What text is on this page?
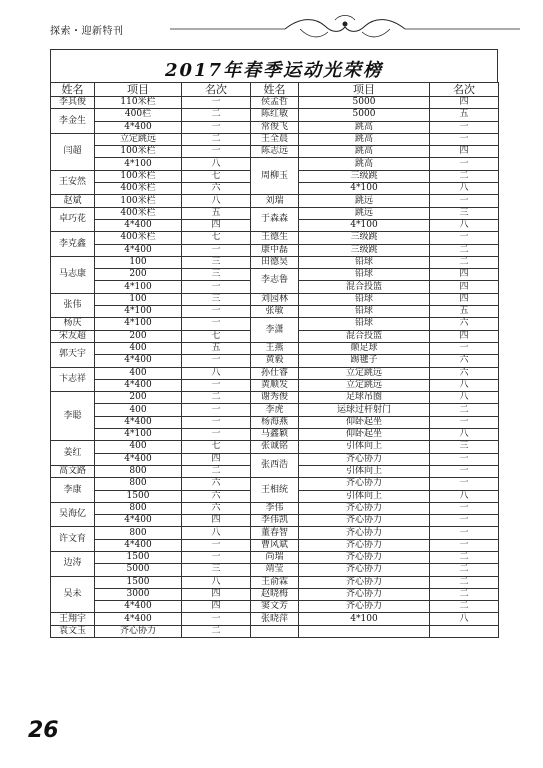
探索・迎新特刊
2017年春季运动光荣榜
姓名	项目	名次	姓名	项目	名次
李其俊	110米栏	一	侯孟哲	5000	四
李金生	400栏	二	陈红敏	5000	五
	4*400	一	常俊飞	跳高	一
闫超	立定跳远	二	王全晨	跳高	一
	100米栏	一	陈志远	跳高	四
	4*100	八	周柳玉	跳高	一
王安然	100米栏	七		三级跳	二
	400米栏	六		4*100	八
赵斌	100米栏	八	刘瑞	跳远	一
卓巧花	400米栏	五	于森森	跳远	三
	4*400	四		4*100	八
李克鑫	400米栏	七	王德生	三级跳	一
	4*400	一	康中磊	三级跳	二
马志康	100	三	田德昊	铅球	二
	200	三	李志鲁	铅球	四
	4*100	一		混合投篮	四
张伟	100	三	刘园林	铅球	四
	4*100	一	张敏	铅球	五
杨庆	4*100	一	李潇	铅球	六
宋友超	200	七		混合投篮	四
郭天宇	400	五	王燕	颠足球	一
	4*400	一	黄毅	踢毽子	六
卞志祥	400	八	孙仕睿	立定跳远	六
	4*400	一	黄顺发	立定跳远	八
李聪	200	二	谢秀俊	足球吊圈	八
	400	一	李虎	运球过杆射门	二
	4*400	一	杨海燕	仰卧起坐	一
	4*100	一	马鑫颖	仰卧起坐	八
姜红	400	七	张诚铭	引体向上	三
	4*400	四	张西浩	齐心协力	一
高文路	800	二		引体向上	一
李康	800	六	王相统	齐心协力	一
	1500	六		引体向上	八
吴海亿	800	六	李伟	齐心协力	一
	4*400	四	李伟凯	齐心协力	一
许文育	800	八	董春智	齐心协力	一
	4*400	一	曹风斌	齐心协力	一
边涛	1500	一	尚瑞	齐心协力	二
	5000	三	靖莹	齐心协力	二
吴未	1500	八	王俞霖	齐心协力	二
	3000	四	赵晓梅	齐心协力	二
	4*400	四	窦文芳	齐心协力	二
王翔宇	4*400	一	张晓萍	4*100	八
袁文玉	齐心协力	二			
26
